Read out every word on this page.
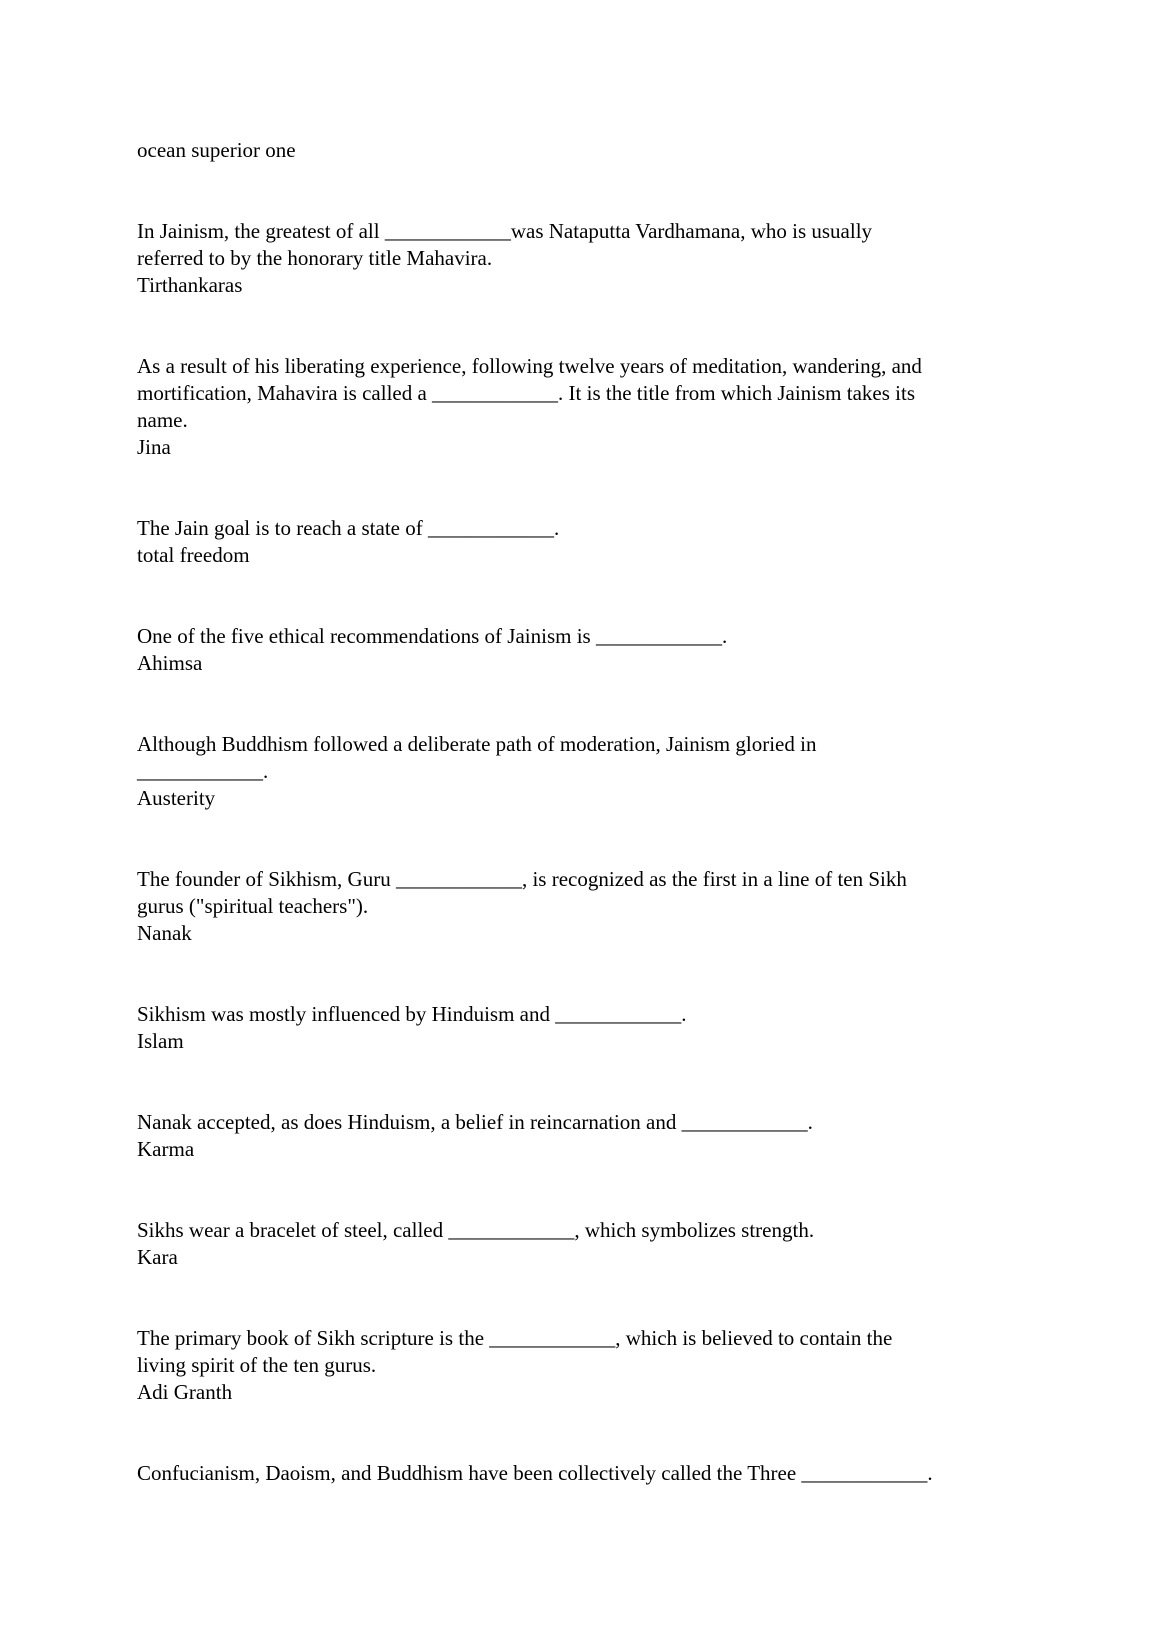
ocean superior one
In Jainism, the greatest of all ____________was Nataputta Vardhamana, who is usually
referred to by the honorary title Mahavira.
Tirthankaras
As a result of his liberating experience, following twelve years of meditation, wandering, and
mortification, Mahavira is called a ____________. It is the title from which Jainism takes its
name.
Jina
The Jain goal is to reach a state of ____________.
total freedom
One of the five ethical recommendations of Jainism is ____________.
Ahimsa
Although Buddhism followed a deliberate path of moderation, Jainism gloried in
____________.
Austerity
The founder of Sikhism, Guru ____________, is recognized as the first in a line of ten Sikh
gurus ("spiritual teachers").
Nanak
Sikhism was mostly influenced by Hinduism and ____________.
Islam
Nanak accepted, as does Hinduism, a belief in reincarnation and ____________.
Karma
Sikhs wear a bracelet of steel, called ____________, which symbolizes strength.
Kara
The primary book of Sikh scripture is the ____________, which is believed to contain the
living spirit of the ten gurus.
Adi Granth
Confucianism, Daoism, and Buddhism have been collectively called the Three ____________.
